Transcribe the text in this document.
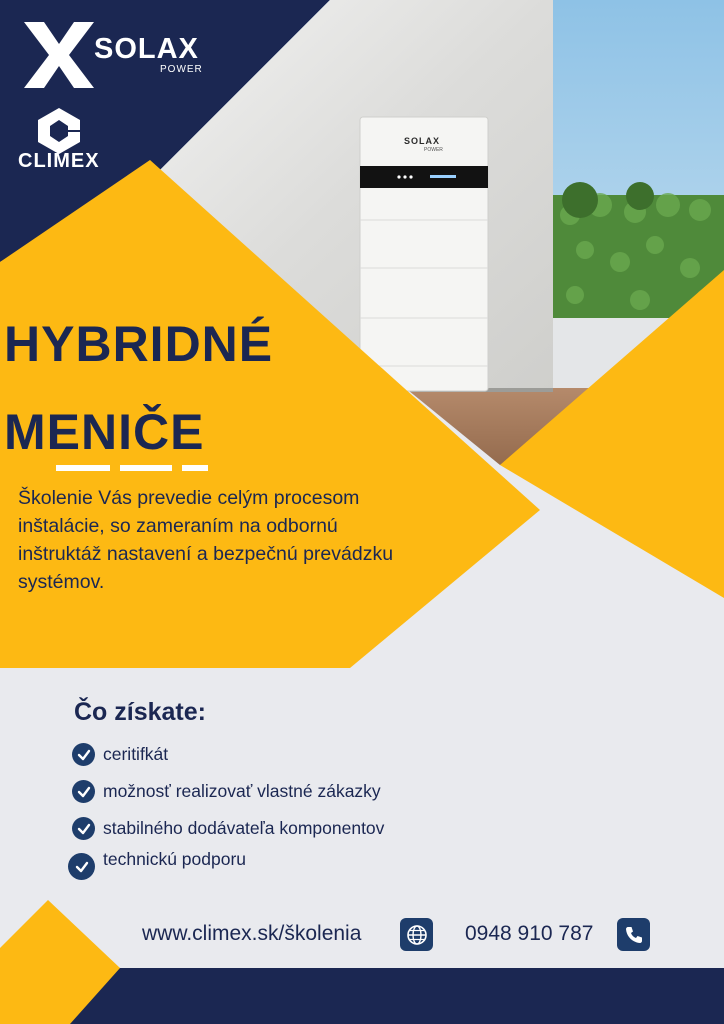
SOLAX
POWER
CLIMEX
SOLAX
POWER
HYBRIDNÉ
MENIČE
Školenie Vás prevedie celým procesom inštalácie, so zameraním na odbornú inštruktáž nastavení a bezpečnú prevádzku systémov.
Čo získate:
ceritifkát
možnosť realizovať vlastné zákazky
stabilného dodávateľa komponentov
technickú podporu
www.climex.sk/školenia	0948 910 787
